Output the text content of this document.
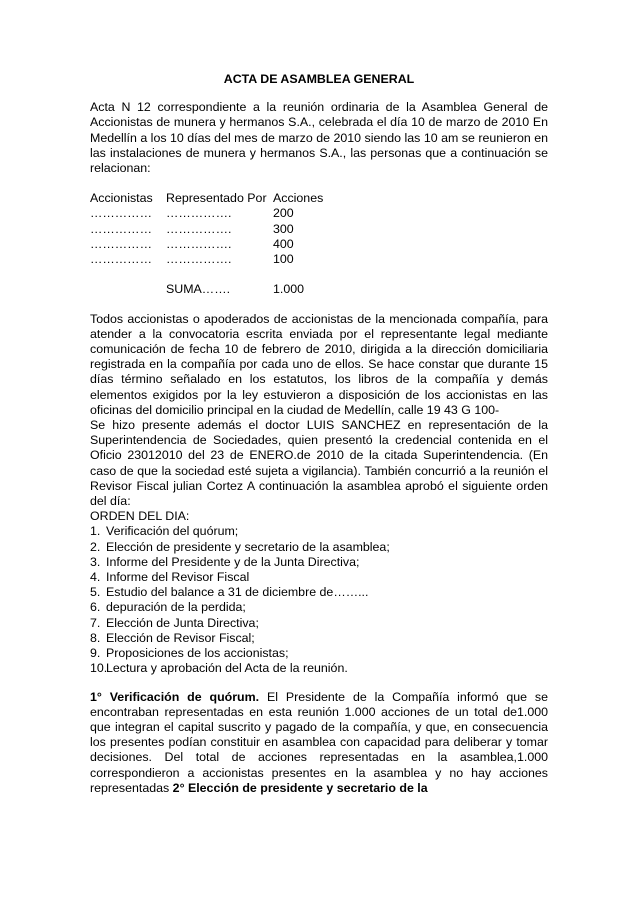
ACTA DE ASAMBLEA GENERAL

Acta N 12 correspondiente a la reunión ordinaria de la Asamblea General de Accionistas de munera y hermanos S.A., celebrada el día 10 de marzo de 2010 En Medellín a los 10 días del mes de marzo de 2010 siendo las 10 am se reunieron en las instalaciones de munera y hermanos S.A., las personas que a continuación se relacionan:

Accionistas	Representado Por	Acciones
……………	…………….	200
……………	…………….	300
……………	…………….	400
……………	…………….	100

	SUMA…….	1.000

Todos accionistas o apoderados de accionistas de la mencionada compañía, para atender a la convocatoria escrita enviada por el representante legal mediante comunicación de fecha 10 de febrero de 2010, dirigida a la dirección domiciliaria registrada en la compañía por cada uno de ellos. Se hace constar que durante 15 días término señalado en los estatutos, los libros de la compañía y demás elementos exigidos por la ley estuvieron a disposición de los accionistas en las oficinas del domicilio principal en la ciudad de Medellín, calle 19 43 G 100-

Se hizo presente además el doctor LUIS SANCHEZ en representación de la Superintendencia de Sociedades, quien presentó la credencial contenida en el Oficio 23012010 del 23 de ENERO.de 2010 de la citada Superintendencia. (En caso de que la sociedad esté sujeta a vigilancia). También concurrió a la reunión el Revisor Fiscal julian Cortez A continuación la asamblea aprobó el siguiente orden del día:

ORDEN DEL DIA:

1. Verificación del quórum;
2. Elección de presidente y secretario de la asamblea;
3. Informe del Presidente y de la Junta Directiva;
4. Informe del Revisor Fiscal
5. Estudio del balance a 31 de diciembre de……...
6. depuración de la perdida;
7. Elección de Junta Directiva;
8. Elección de Revisor Fiscal;
9. Proposiciones de los accionistas;
10.
Lectura y aprobación del Acta de la reunión.

1° Verificación de quórum. El Presidente de la Compañía informó que se encontraban representadas en esta reunión 1.000 acciones de un total de1.000 que integran el capital suscrito y pagado de la compañía, y que, en consecuencia los presentes podían constituir en asamblea con capacidad para deliberar y tomar decisiones. Del total de acciones representadas en la asamblea,1.000 correspondieron a accionistas presentes en la asamblea y no hay acciones representadas 2° Elección de presidente y secretario de la
